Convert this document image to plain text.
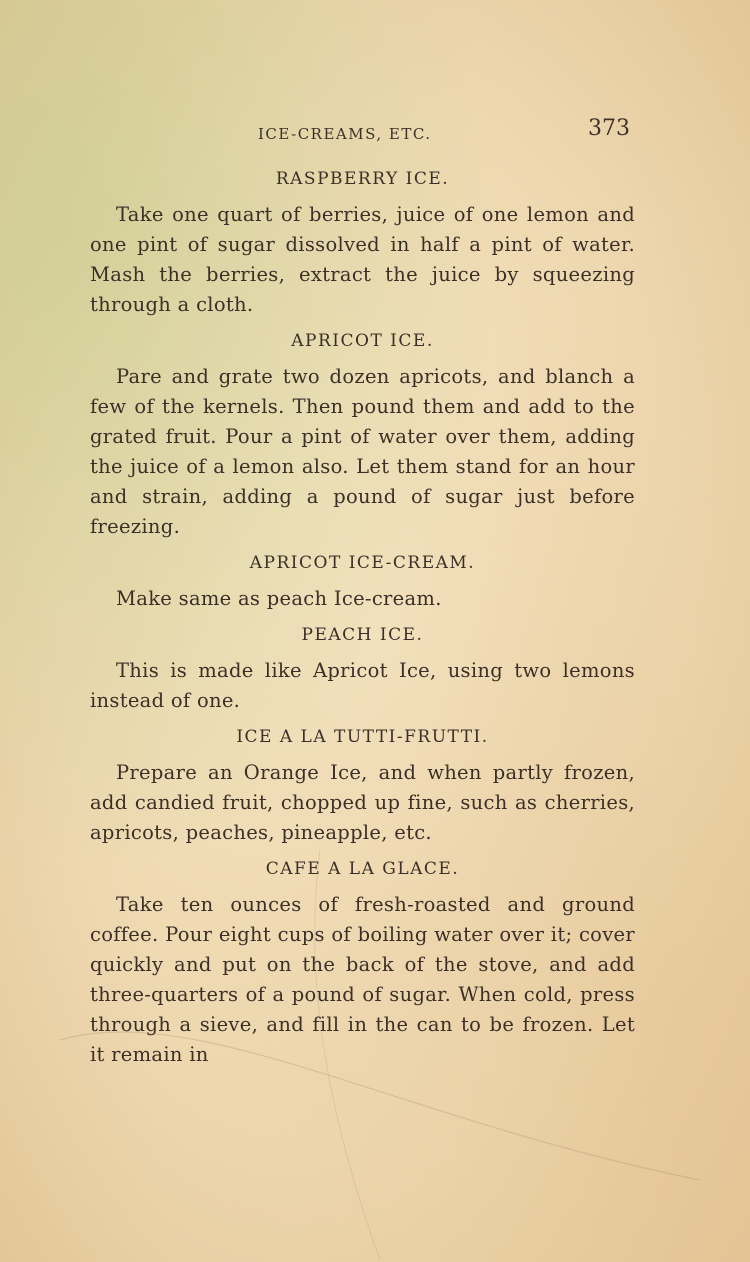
ICE-CREAMS, ETC.	373
RASPBERRY ICE.

Take one quart of berries, juice of one lemon and one pint of sugar dissolved in half a pint of water. Mash the berries, extract the juice by squeezing through a cloth.

APRICOT ICE.

Pare and grate two dozen apricots, and blanch a few of the kernels. Then pound them and add to the grated fruit. Pour a pint of water over them, adding the juice of a lemon also. Let them stand for an hour and strain, adding a pound of sugar just before freezing.

APRICOT ICE-CREAM.

Make same as peach Ice-cream.

PEACH ICE.

This is made like Apricot Ice, using two lemons instead of one.

ICE A LA TUTTI-FRUTTI.

Prepare an Orange Ice, and when partly frozen, add candied fruit, chopped up fine, such as cherries, apricots, peaches, pineapple, etc.

CAFE A LA GLACE.

Take ten ounces of fresh-roasted and ground coffee. Pour eight cups of boiling water over it; cover quickly and put on the back of the stove, and add three-quarters of a pound of sugar. When cold, press through a sieve, and fill in the can to be frozen. Let it remain in
